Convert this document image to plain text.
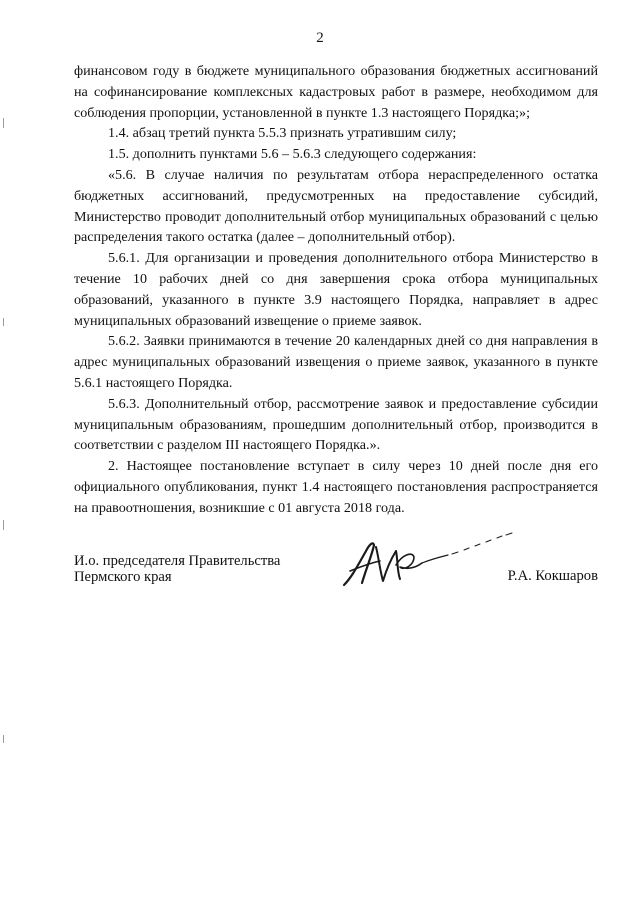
2

финансовом году в бюджете муниципального образования бюджетных ассигнований на софинансирование комплексных кадастровых работ в размере, необходимом для соблюдения пропорции, установленной в пункте 1.3 настоящего Порядка;»;

1.4. абзац третий пункта 5.5.3 признать утратившим силу;

1.5. дополнить пунктами 5.6 – 5.6.3 следующего содержания:

«5.6. В случае наличия по результатам отбора нераспределенного остатка бюджетных ассигнований, предусмотренных на предоставление субсидий, Министерство проводит дополнительный отбор муниципальных образований с целью распределения такого остатка (далее – дополнительный отбор).

5.6.1. Для организации и проведения дополнительного отбора Министерство в течение 10 рабочих дней со дня завершения срока отбора муниципальных образований, указанного в пункте 3.9 настоящего Порядка, направляет в адрес муниципальных образований извещение о приеме заявок.

5.6.2. Заявки принимаются в течение 20 календарных дней со дня направления в адрес муниципальных образований извещения о приеме заявок, указанного в пункте 5.6.1 настоящего Порядка.

5.6.3. Дополнительный отбор, рассмотрение заявок и предоставление субсидии муниципальным образованиям, прошедшим дополнительный отбор, производится в соответствии с разделом III настоящего Порядка.».

2. Настоящее постановление вступает в силу через 10 дней после дня его официального опубликования, пункт 1.4 настоящего постановления распространяется на правоотношения, возникшие с 01 августа 2018 года.

И.о. председателя Правительства
Пермского края	Р.А. Кокшаров
